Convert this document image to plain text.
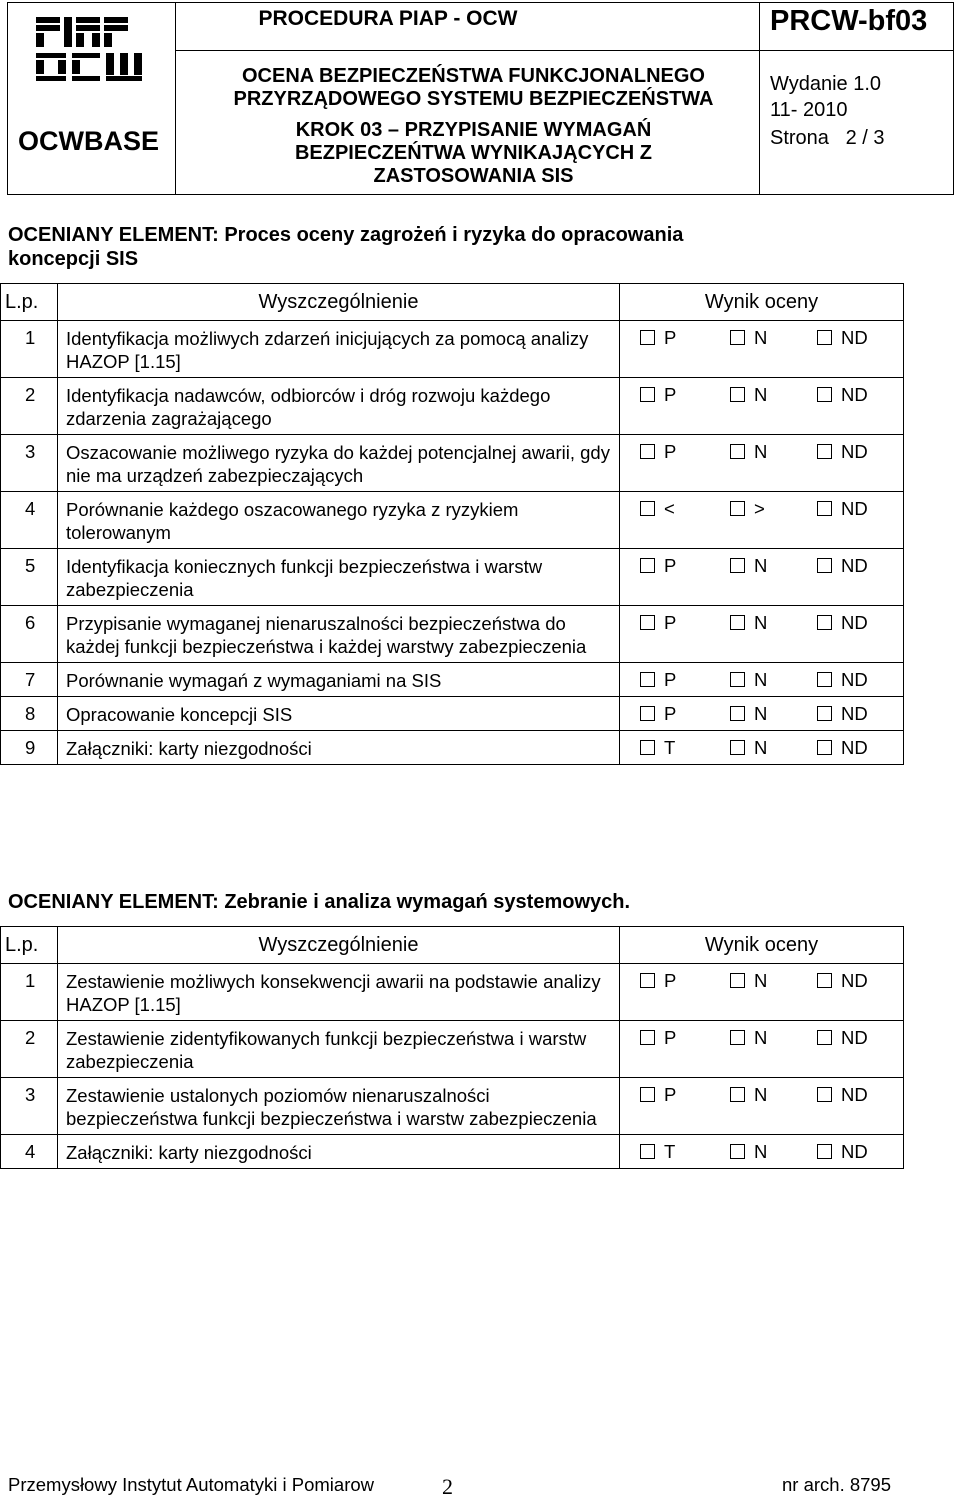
OCWBASE
PROCEDURA PIAP - OCW	PRCW-bf03
OCENA BEZPIECZEŃSTWA FUNKCJONALNEGO
PRZYRZĄDOWEGO SYSTEMU BEZPIECZEŃSTWA
KROK 03 – PRZYPISANIE WYMAGAŃ
BEZPIECZEŃTWA WYNIKAJĄCYCH Z
ZASTOSOWANIA SIS
Wydanie 1.0
11- 2010
Strona   2 / 3
OCENIANY ELEMENT: Proces oceny zagrożeń i ryzyka do opracowania
koncepcji SIS
L.p.	Wyszczególnienie	Wynik oceny
1	Identyfikacja możliwych zdarzeń inicjujących za pomocą analizy HAZOP [1.15]	P N ND

2	Identyfikacja nadawców, odbiorców i dróg rozwoju każdego zdarzenia zagrażającego	P N ND

3	Oszacowanie możliwego ryzyka do każdej potencjalnej awarii, gdy nie ma urządzeń zabezpieczających	P N ND

4	Porównanie każdego oszacowanego ryzyka z ryzykiem tolerowanym	< > ND

5	Identyfikacja koniecznych funkcji bezpieczeństwa i warstw zabezpieczenia	P N ND

6	Przypisanie wymaganej nienaruszalności bezpieczeństwa do każdej funkcji bezpieczeństwa i każdej warstwy zabezpieczenia	P N ND

7	Porównanie wymagań z wymaganiami na SIS	P N ND

8	Opracowanie koncepcji SIS	P N ND

9	Załączniki: karty niezgodności	T N ND
OCENIANY ELEMENT: Zebranie i analiza wymagań systemowych.
L.p.	Wyszczególnienie	Wynik oceny
1	Zestawienie możliwych konsekwencji awarii na podstawie analizy HAZOP [1.15]	P N ND

2	Zestawienie zidentyfikowanych funkcji bezpieczeństwa i warstw zabezpieczenia	P N ND

3	Zestawienie ustalonych poziomów nienaruszalności bezpieczeństwa funkcji bezpieczeństwa i warstw zabezpieczenia	P N ND

4	Załączniki: karty niezgodności	T N ND
Przemysłowy Instytut Automatyki i Pomiarow	2	nr arch. 8795
